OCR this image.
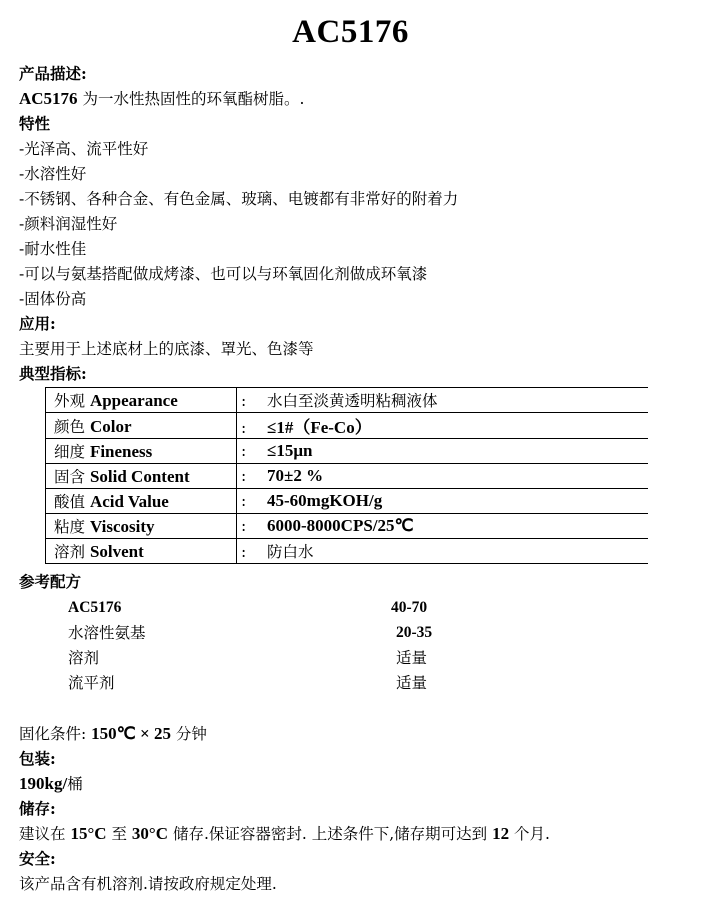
AC5176
产品描述:
AC5176 为一水性热固性的环氧酯树脂。.
特性
-光泽高、流平性好
-水溶性好
-不锈钢、各种合金、有色金属、玻璃、电镀都有非常好的附着力
-颜料润湿性好
-耐水性佳
-可以与氨基搭配做成烤漆、也可以与环氧固化剂做成环氧漆
-固体份高
应用:
主要用于上述底材上的底漆、罩光、色漆等
典型指标:
外观 Appearance	: 水白至淡黄透明粘稠液体
颜色 Color	: ≤1#（Fe-Co）
细度 Fineness	: ≤15μn
固含 Solid Content	: 70±2 %
酸值 Acid Value	: 45-60mgKOH/g
粘度 Viscosity	: 6000-8000CPS/25℃
溶剂 Solvent	: 防白水
参考配方
AC5176	40-70
水溶性氨基	20-35
溶剂	适量
流平剂	适量
固化条件: 150℃ × 25 分钟
包装:
190kg/桶
储存:
建议在 15°C 至 30°C 储存.保证容器密封. 上述条件下,储存期可达到 12 个月.
安全:
该产品含有机溶剂.请按政府规定处理.
